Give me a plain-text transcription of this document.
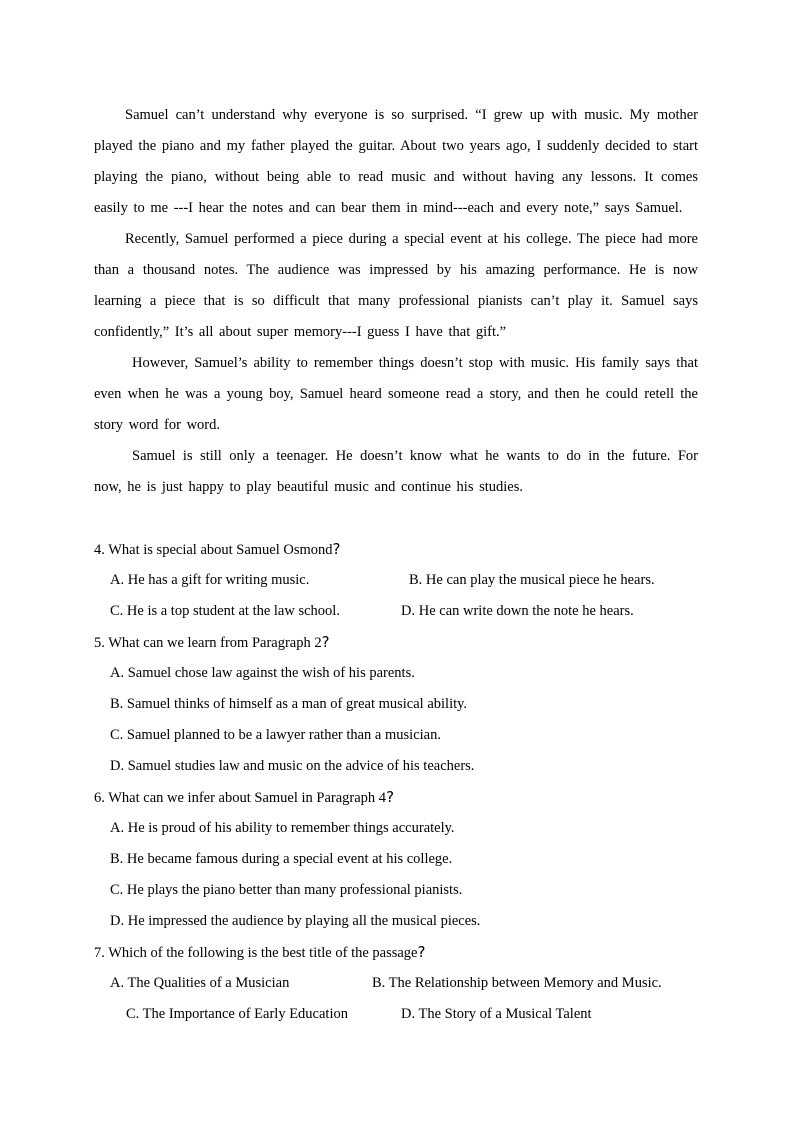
Samuel can’t understand why everyone is so surprised. “I grew up with music. My mother played the piano and my father played the guitar. About two years ago, I suddenly decided to start playing the piano, without being able to read music and without having any lessons. It comes easily to me ---I hear the notes and can bear them in mind---each and every note,” says Samuel.

Recently, Samuel performed a piece during a special event at his college. The piece had more than a thousand notes. The audience was impressed by his amazing performance. He is now learning a piece that is so difficult that many professional pianists can’t play it. Samuel says confidently,” It’s all about super memory---I guess I have that gift.”

However, Samuel’s ability to remember things doesn’t stop with music. His family says that even when he was a young boy, Samuel heard someone read a story, and then he could retell the story word for word.

Samuel is still only a teenager. He doesn’t know what he wants to do in the future. For now, he is just happy to play beautiful music and continue his studies.

4. What is special about Samuel Osmond?
A. He has a gift for writing music.	B. He can play the musical piece he hears.
C. He is a top student at the law school.	D. He can write down the note he hears.
5. What can we learn from Paragraph 2?
A. Samuel chose law against the wish of his parents.
B. Samuel thinks of himself as a man of great musical ability.
C. Samuel planned to be a lawyer rather than a musician.
D. Samuel studies law and music on the advice of his teachers.
6. What can we infer about Samuel in Paragraph 4?
A. He is proud of his ability to remember things accurately.
B. He became famous during a special event at his college.
C. He plays the piano better than many professional pianists.
D. He impressed the audience by playing all the musical pieces.
7. Which of the following is the best title of the passage?
A. The Qualities of a Musician	B. The Relationship between Memory and Music.
C. The Importance of Early Education	D. The Story of a Musical Talent
